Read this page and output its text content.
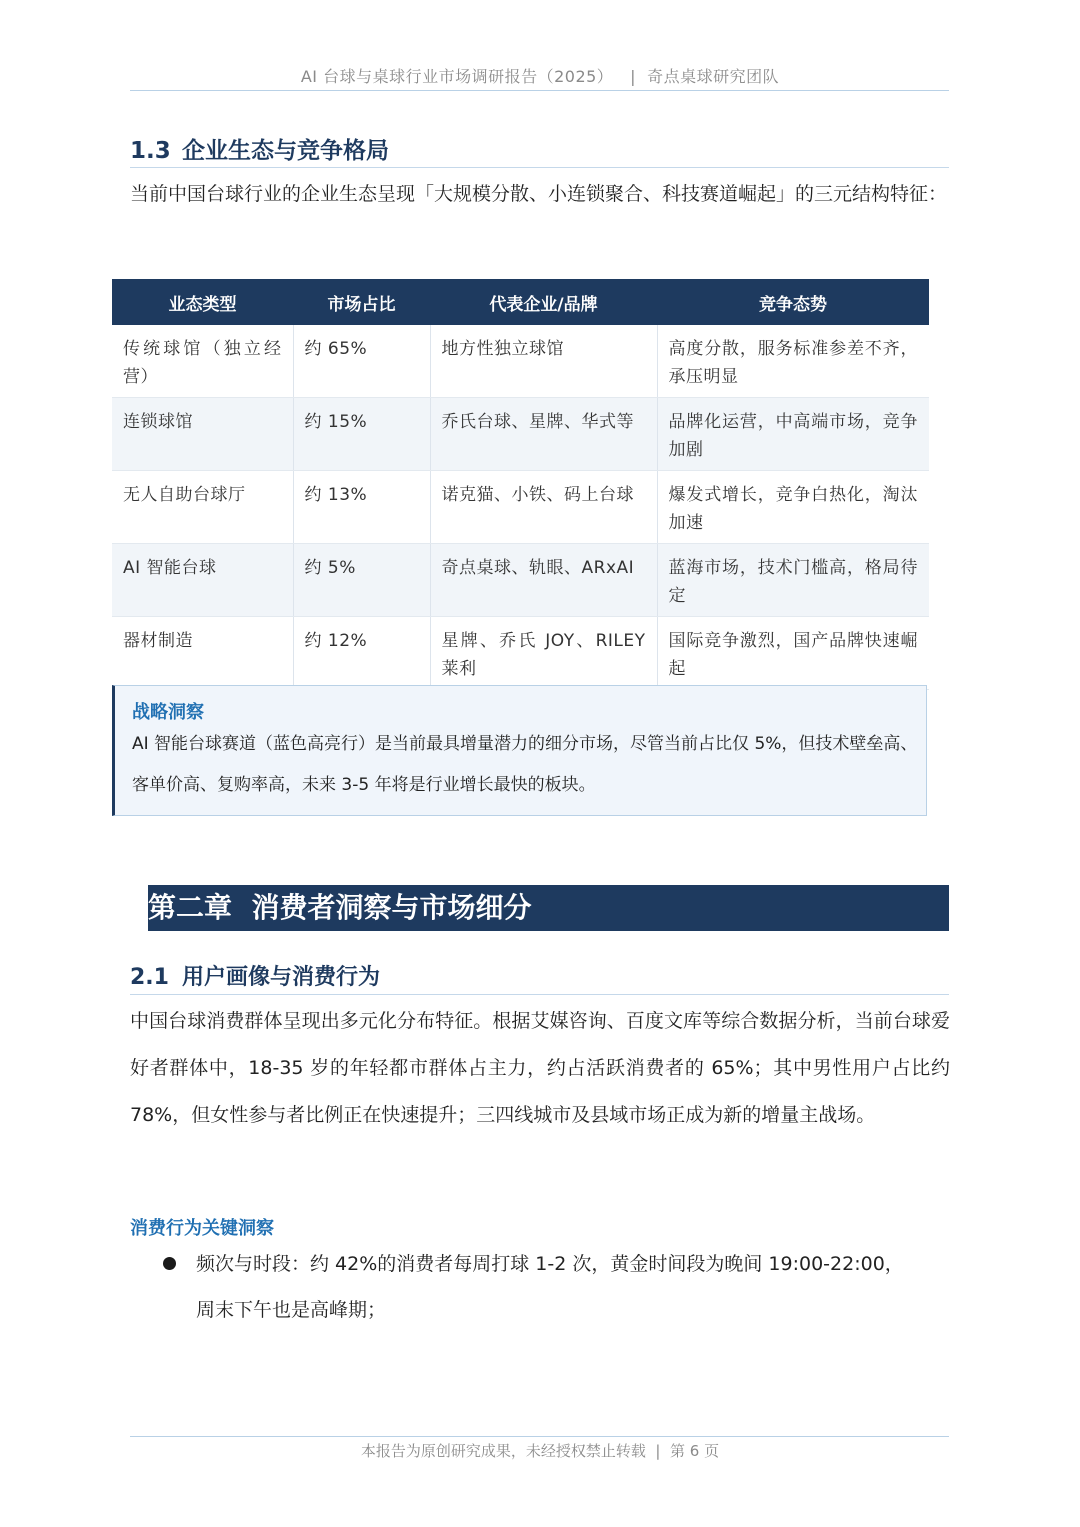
AI 台球与桌球行业市场调研报告（2025） | 奇点桌球研究团队
1.3 企业生态与竞争格局
当前中国台球行业的企业生态呈现「大规模分散、小连锁聚合、科技赛道崛起」的三元结构特征：
业态类型	市场占比	代表企业/品牌	竞争态势
传统球馆（独立经营）	约 65%	地方性独立球馆	高度分散，服务标准参差不齐，承压明显
连锁球馆	约 15%	乔氏台球、星牌、华式等	品牌化运营，中高端市场，竞争加剧
无人自助台球厅	约 13%	诺克猫、小铁、码上台球	爆发式增长，竞争白热化，淘汰加速
AI 智能台球	约 5%	奇点桌球、轨眼、ARxAI	蓝海市场，技术门槛高，格局待定
器材制造	约 12%	星牌、乔氏 JOY、RILEY 莱利	国际竞争激烈，国产品牌快速崛起
战略洞察
AI 智能台球赛道（蓝色高亮行）是当前最具增量潜力的细分市场，尽管当前占比仅 5%，但技术壁垒高、客单价高、复购率高，未来 3-5 年将是行业增长最快的板块。
第二章 消费者洞察与市场细分
2.1 用户画像与消费行为
中国台球消费群体呈现出多元化分布特征。根据艾媒咨询、百度文库等综合数据分析，当前台球爱好者群体中，18-35 岁的年轻都市群体占主力，约占活跃消费者的 65%；其中男性用户占比约 78%，但女性参与者比例正在快速提升；三四线城市及县域市场正成为新的增量主战场。
消费行为关键洞察
频次与时段：约 42%的消费者每周打球 1-2 次，黄金时间段为晚间 19:00-22:00，周末下午也是高峰期；
本报告为原创研究成果，未经授权禁止转载 | 第 6 页
